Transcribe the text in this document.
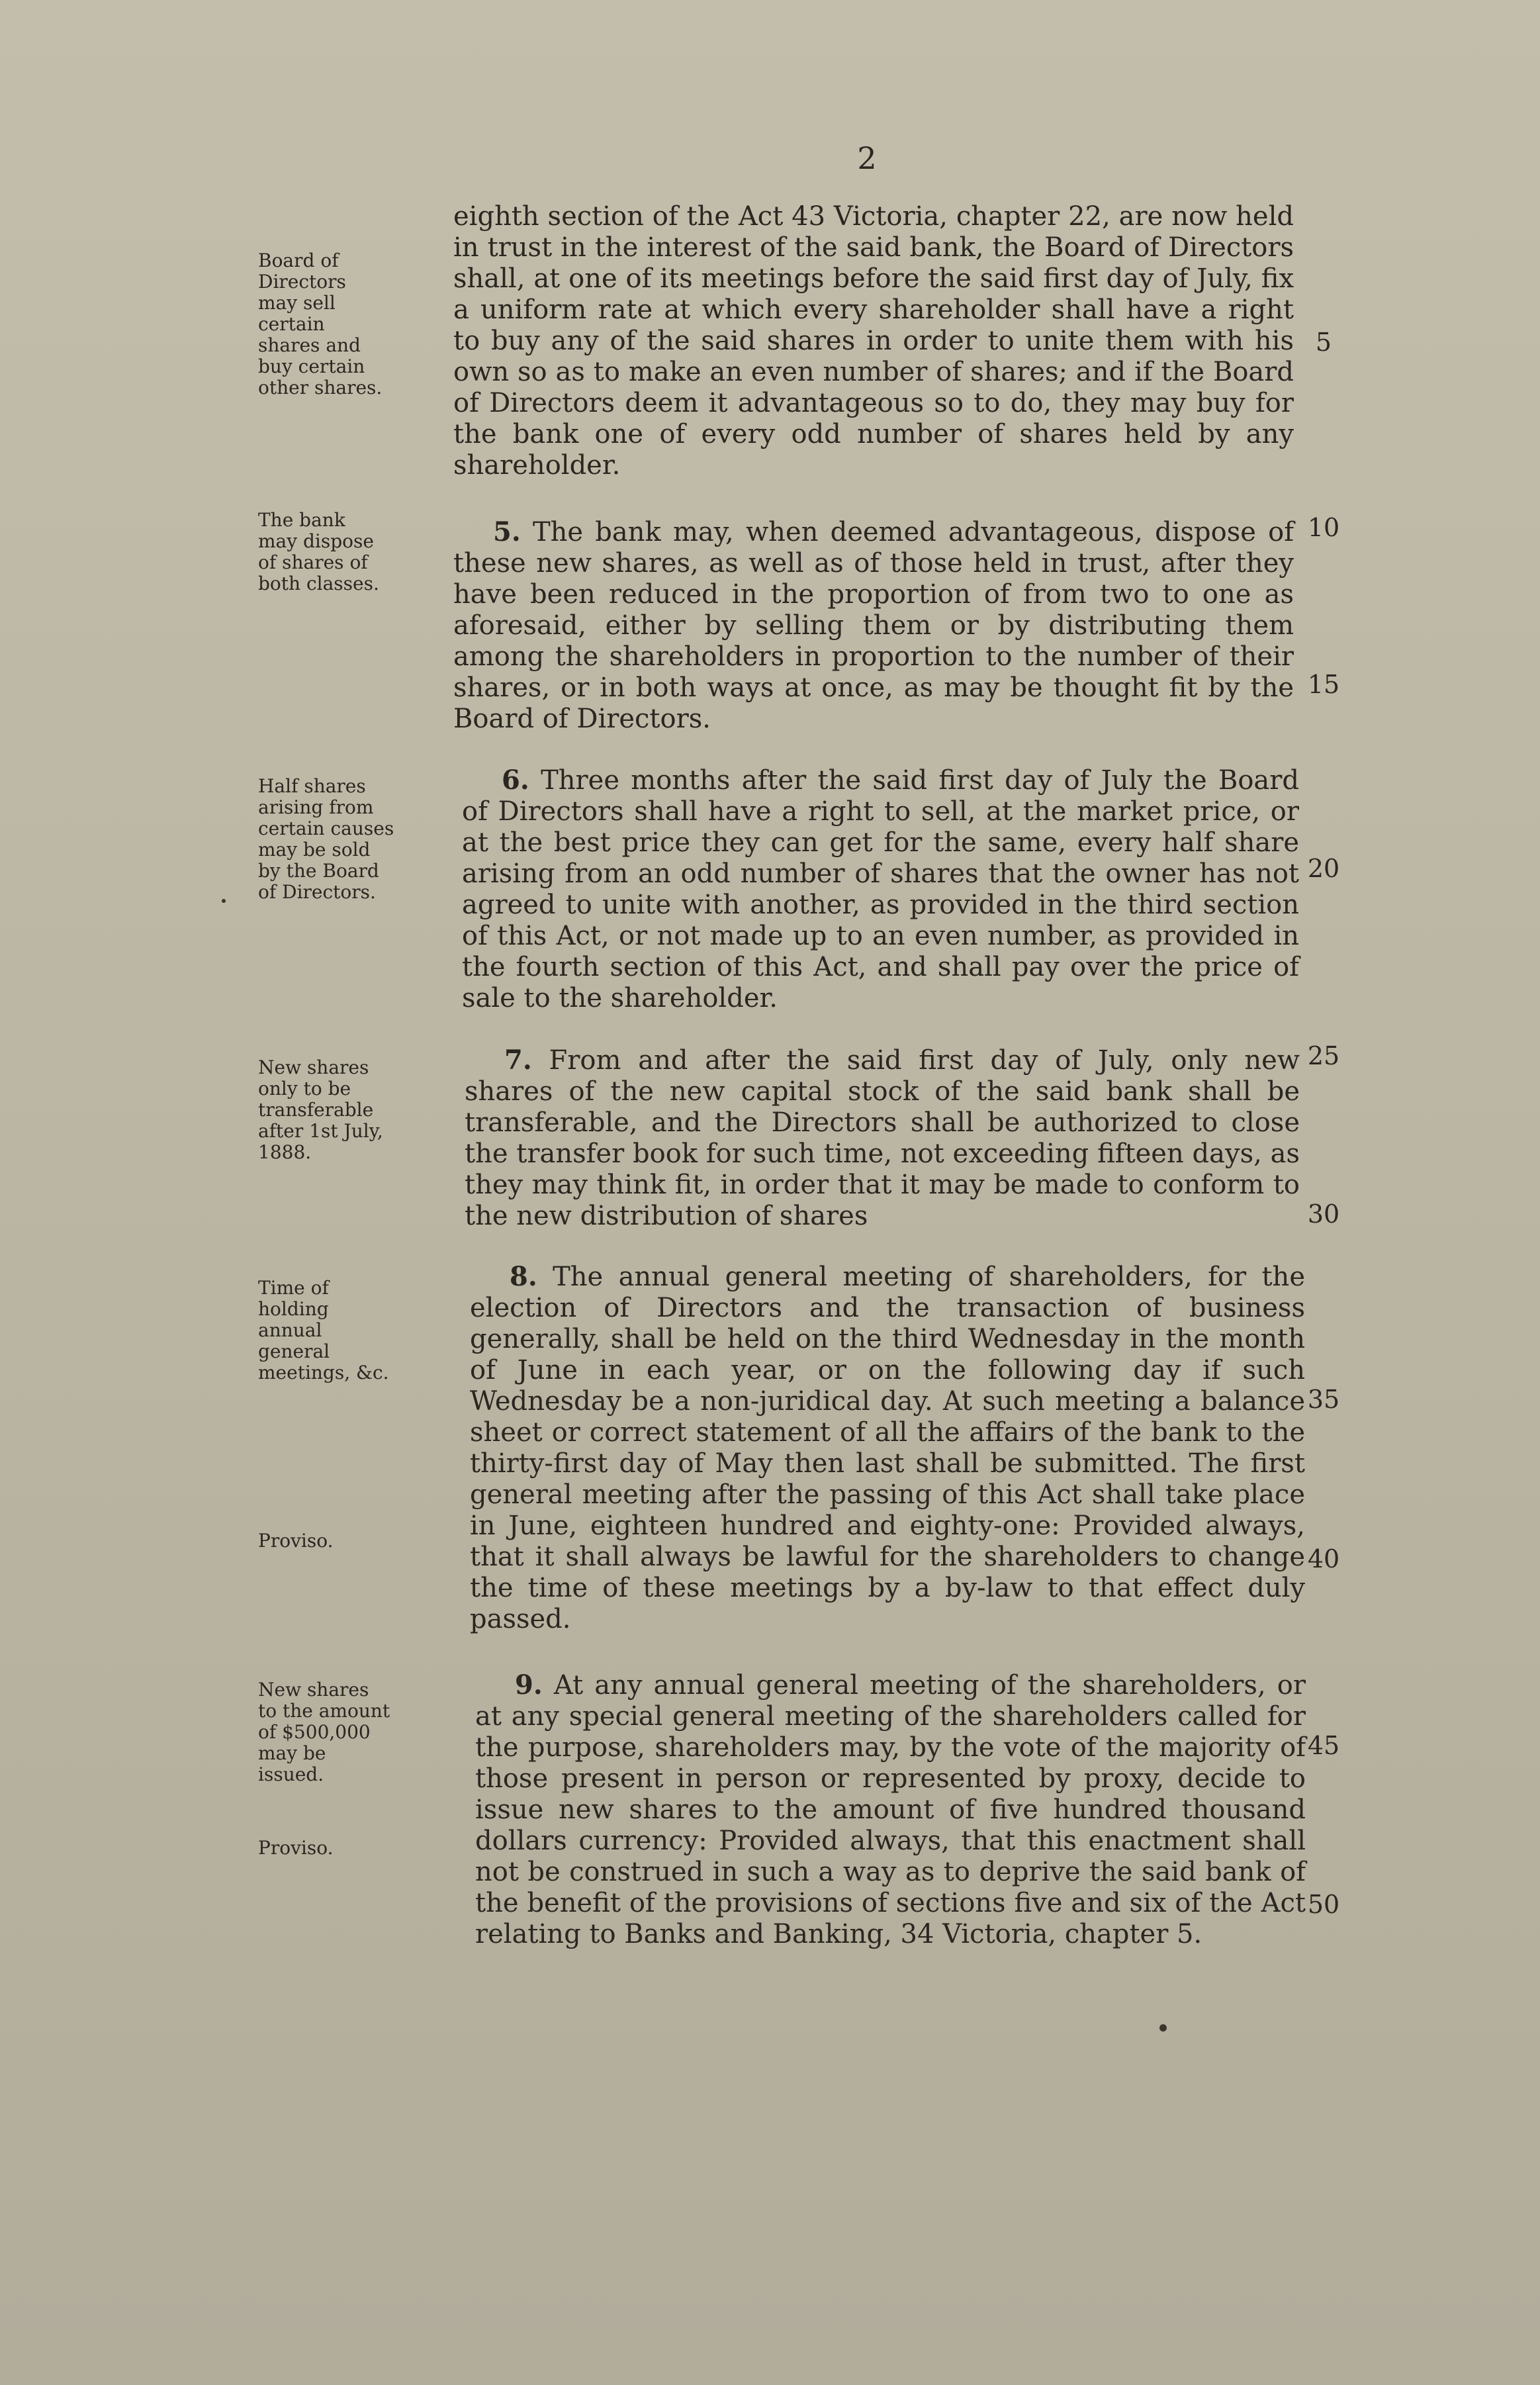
2
Board of
Directors
may sell
certain
shares and
buy certain
other shares.
eighth section of the Act 43 Victoria, chapter 22, are now held in trust in the interest of the said bank, the Board of Directors shall, at one of its meetings before the said first day of July, fix a uniform rate at which every shareholder shall have a right to buy any of the said shares in order to unite them with his own so as to make an even number of shares; and if the Board of Directors deem it advantageous so to do, they may buy for the bank one of every odd number of shares held by any shareholder.
The bank
may dispose
of shares of
both classes.
5. The bank may, when deemed advantageous, dispose of these new shares, as well as of those held in trust, after they have been reduced in the proportion of from two to one as aforesaid, either by selling them or by distributing them among the shareholders in proportion to the number of their shares, or in both ways at once, as may be thought fit by the Board of Directors.
Half shares
arising from
certain causes
may be sold
by the Board
of Directors.
6. Three months after the said first day of July the Board of Directors shall have a right to sell, at the market price, or at the best price they can get for the same, every half share arising from an odd number of shares that the owner has not agreed to unite with another, as provided in the third section of this Act, or not made up to an even number, as provided in the fourth section of this Act, and shall pay over the price of sale to the shareholder.
New shares
only to be
transferable
after 1st July,
1888.
7. From and after the said first day of July, only new shares of the new capital stock of the said bank shall be transferable, and the Directors shall be authorized to close the transfer book for such time, not exceeding fifteen days, as they may think fit, in order that it may be made to conform to the new distribution of shares
Time of
holding
annual
general
meetings, &c.
Proviso.
8. The annual general meeting of shareholders, for the election of Directors and the transaction of business generally, shall be held on the third Wednesday in the month of June in each year, or on the following day if such Wednesday be a non-juridical day. At such meeting a balance sheet or correct statement of all the affairs of the bank to the thirty-first day of May then last shall be submitted. The first general meeting after the passing of this Act shall take place in June, eighteen hundred and eighty-one: Provided always, that it shall always be lawful for the shareholders to change the time of these meetings by a by-law to that effect duly passed.
New shares
to the amount
of $500,000
may be
issued.
Proviso.
9. At any annual general meeting of the shareholders, or at any special general meeting of the shareholders called for the purpose, shareholders may, by the vote of the majority of those present in person or represented by proxy, decide to issue new shares to the amount of five hundred thousand dollars currency: Provided always, that this enactment shall not be construed in such a way as to deprive the said bank of the benefit of the provisions of sections five and six of the Act relating to Banks and Banking, 34 Victoria, chapter 5.
5
10
15
20
25
30
35
40
45
50
